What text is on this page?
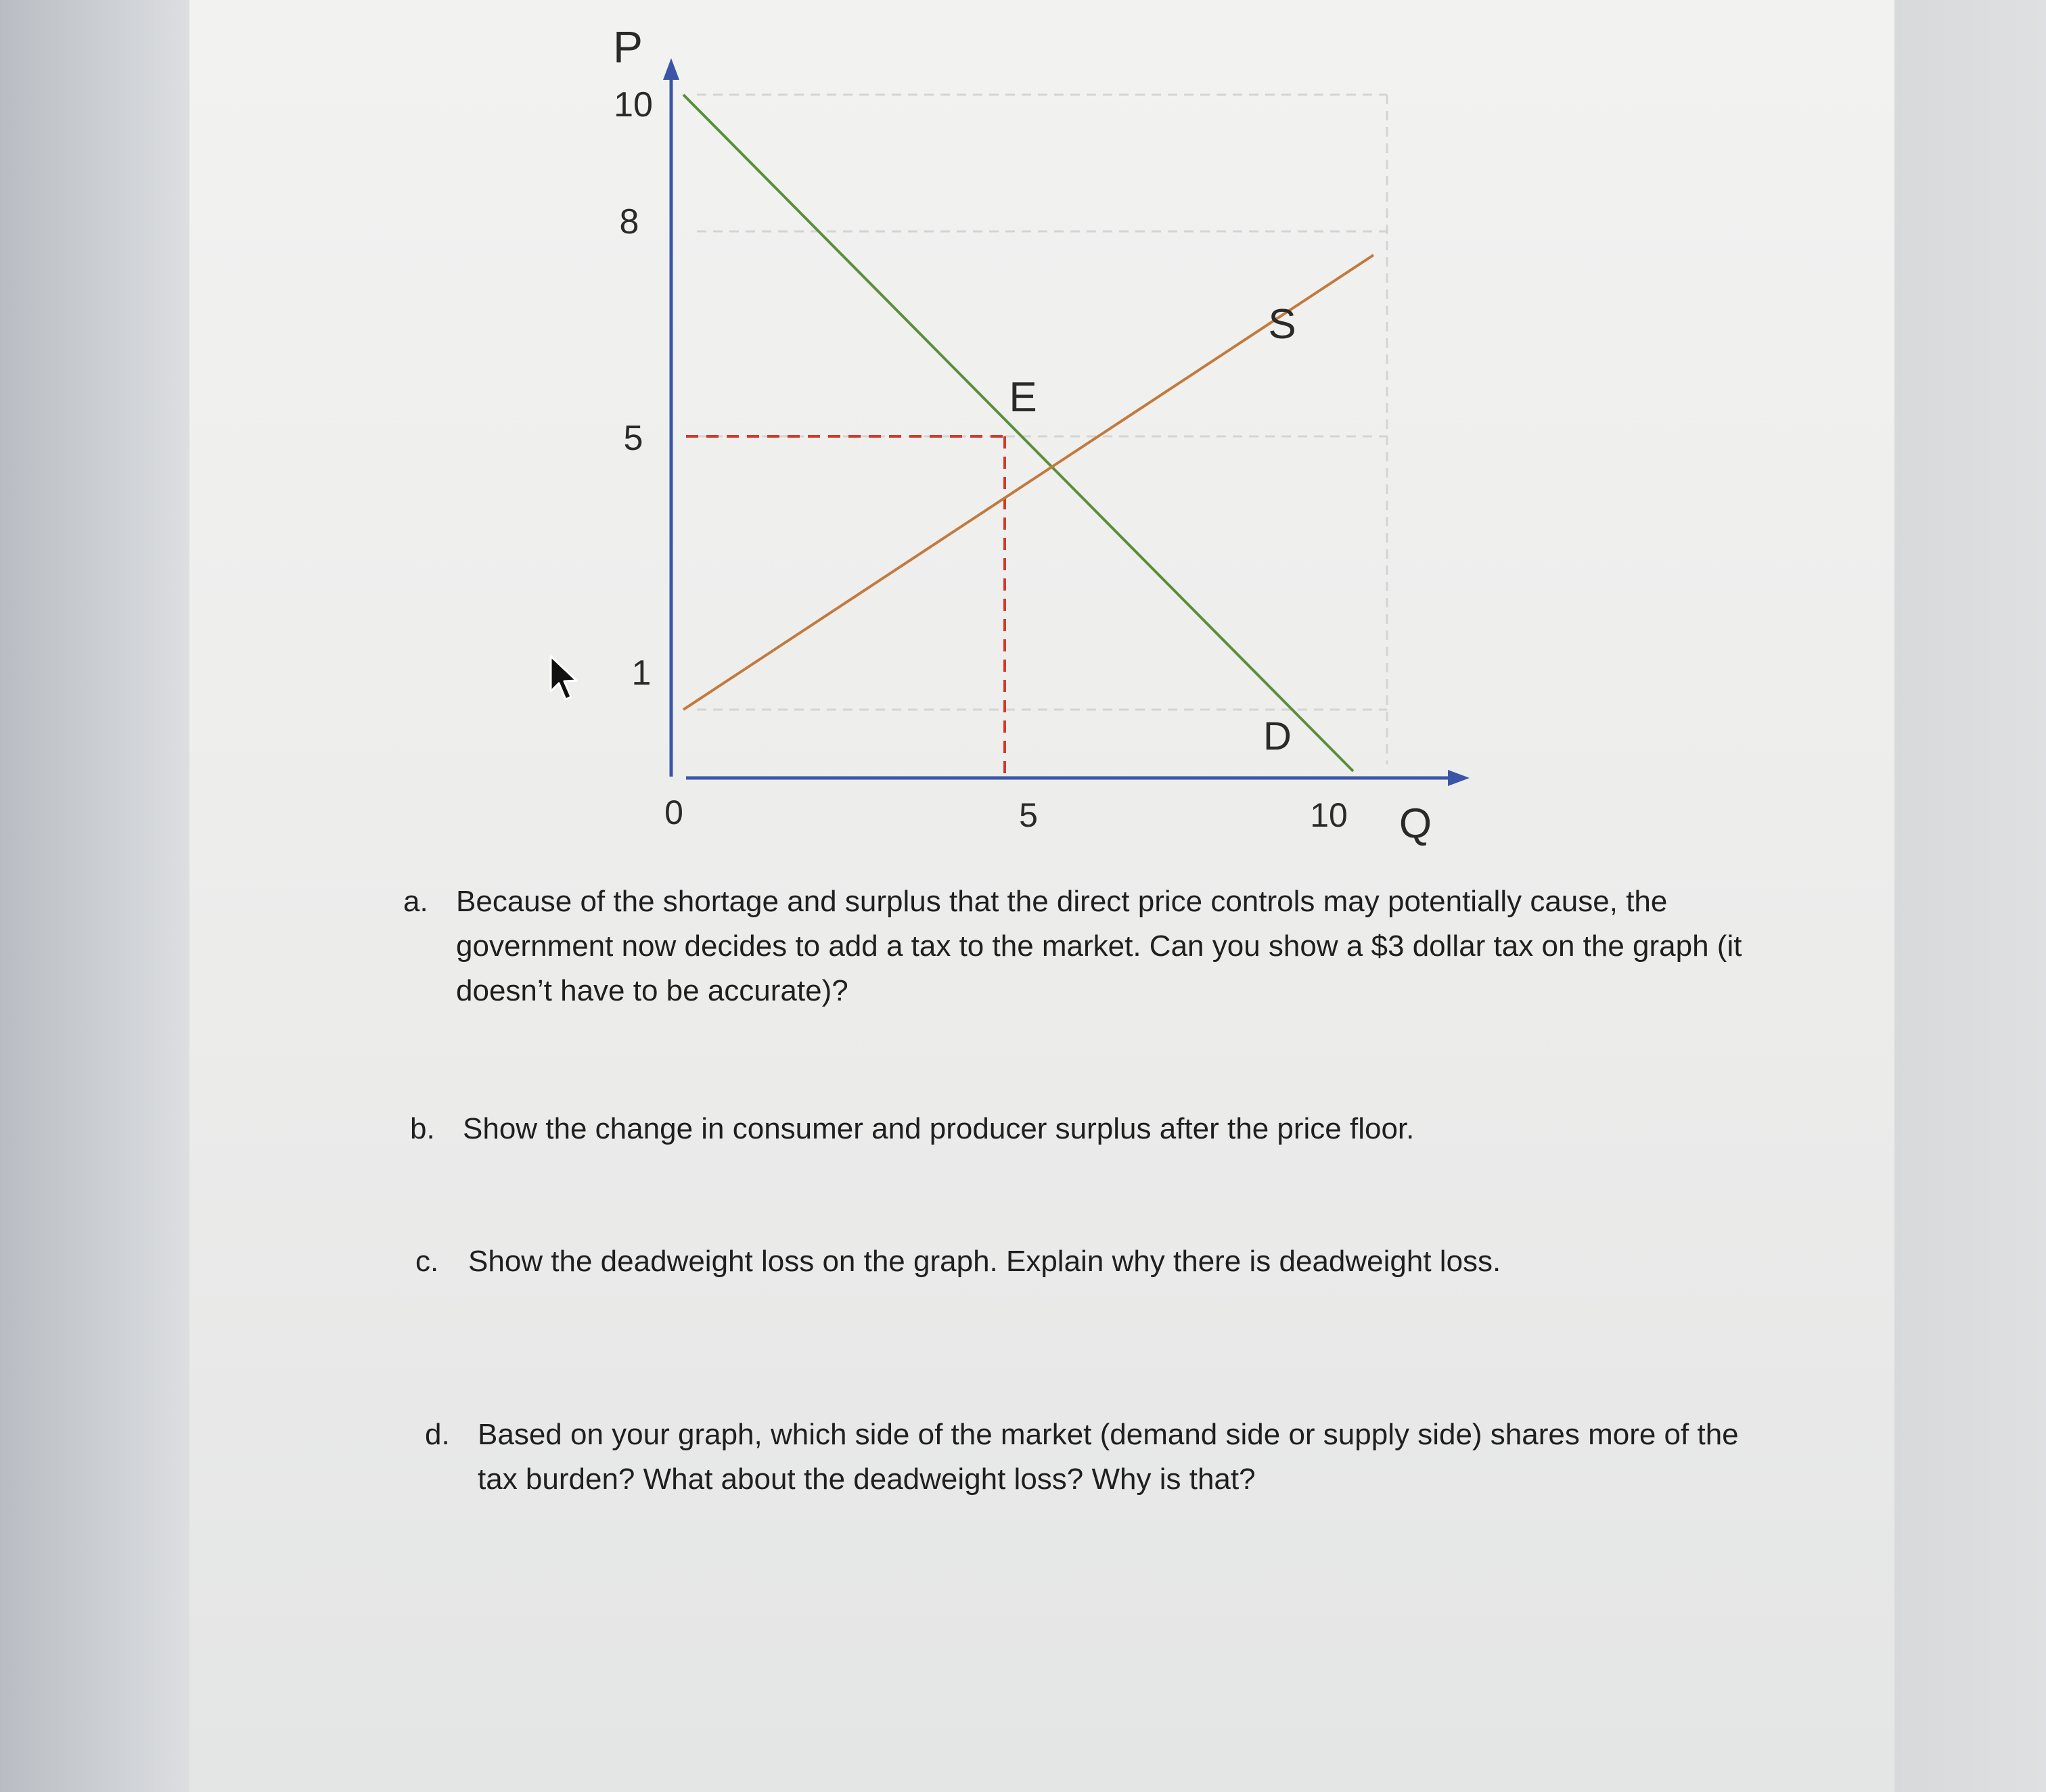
D
S
E
P
Q
10
8
5
1
0	5	10
a. Because of the shortage and surplus that the direct price controls may potentially cause, the government now decides to add a tax to the market. Can you show a $3 dollar tax on the graph (it doesn’t have to be accurate)?
b. Show the change in consumer and producer surplus after the price floor.
c. Show the deadweight loss on the graph. Explain why there is deadweight loss.
d. Based on your graph, which side of the market (demand side or supply side) shares more of the tax burden? What about the deadweight loss? Why is that?
